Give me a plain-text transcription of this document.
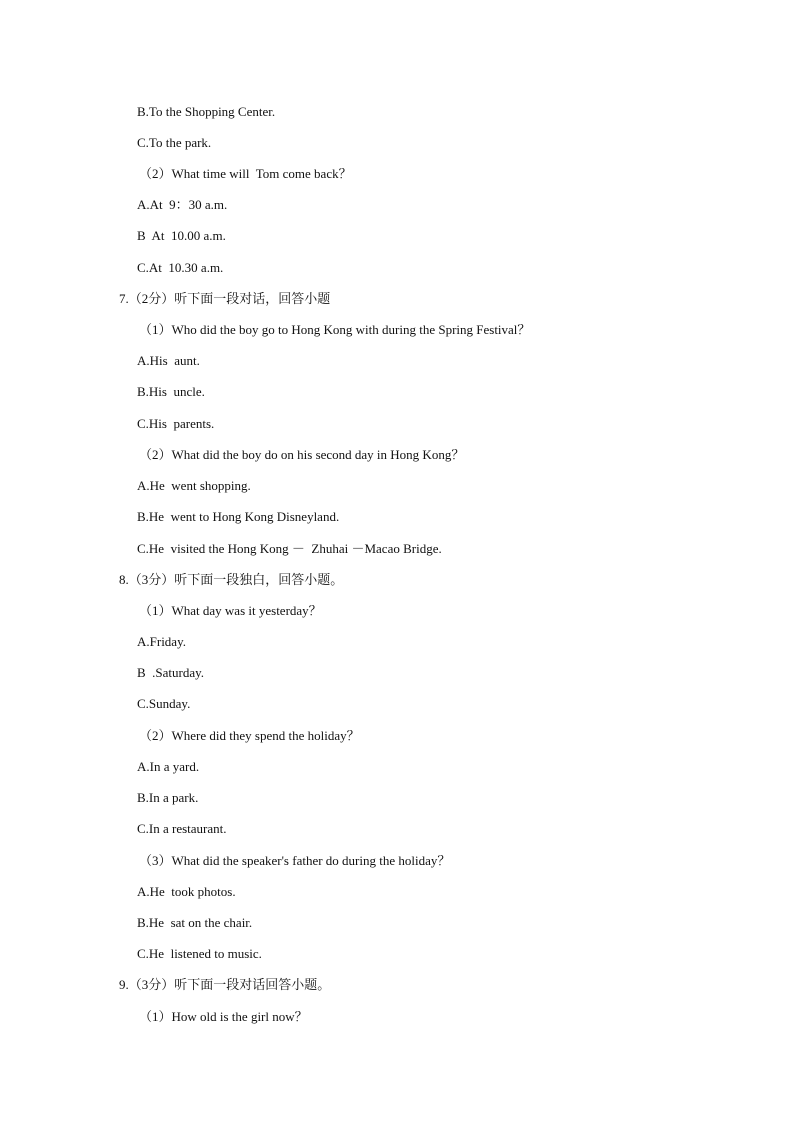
B.To the Shopping Center.
C.To the park.
（2）What time will  Tom come back？
A.At  9：30 a.m.
B  At  10.00 a.m.
C.At  10.30 a.m.
7.（2分）听下面一段对话，回答小题
（1）Who did the boy go to Hong Kong with during the Spring Festival？
A.His  aunt.
B.His  uncle.
C.His  parents.
（2）What did the boy do on his second day in Hong Kong？
A.He  went shopping.
B.He  went to Hong Kong Disneyland.
C.He  visited the Hong Kong －  Zhuhai －Macao Bridge.
8.（3分）听下面一段独白，回答小题。
（1）What day was it yesterday？
A.Friday.
B  .Saturday.
C.Sunday.
（2）Where did they spend the holiday？
A.In a yard.
B.In a park.
C.In a restaurant.
（3）What did the speaker's father do during the holiday？
A.He  took photos.
B.He  sat on the chair.
C.He  listened to music.
9.（3分）听下面一段对话回答小题。
（1）How old is the girl now？
